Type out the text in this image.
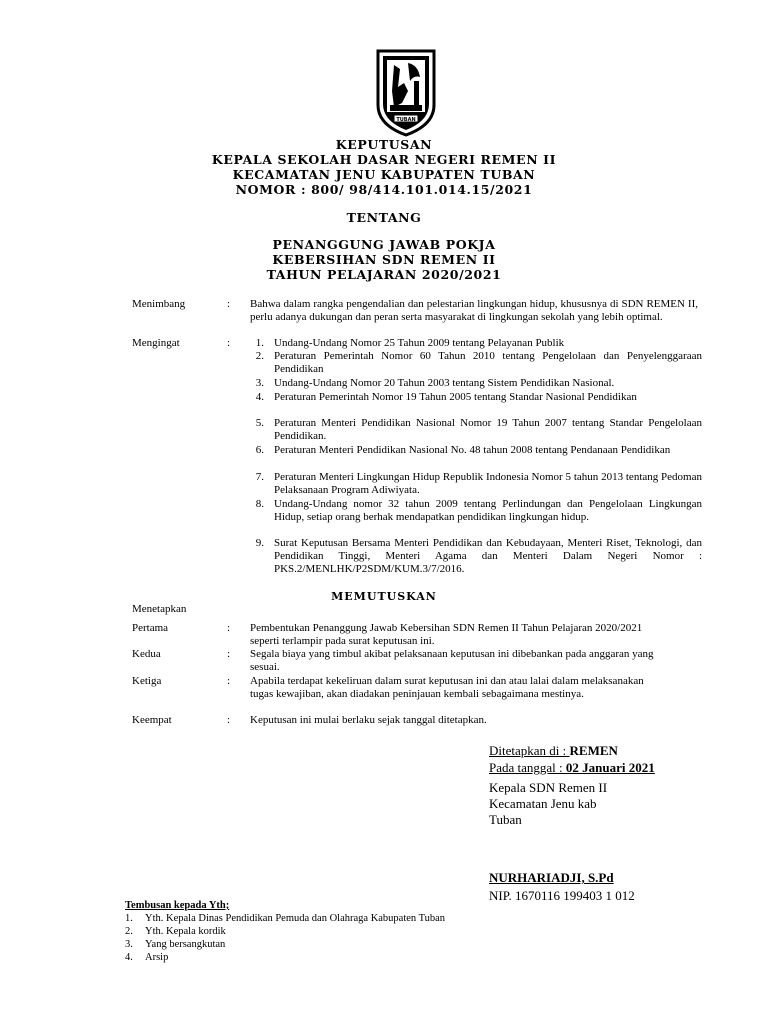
TUBAN
KEPUTUSAN
KEPALA SEKOLAH DASAR NEGERI REMEN II
KECAMATAN JENU KABUPATEN TUBAN
NOMOR : 800/ 98/414.101.014.15/2021
TENTANG
PENANGGUNG JAWAB POKJA
KEBERSIHAN SDN REMEN II
TAHUN PELAJARAN 2020/2021
Menimbang	: Bahwa dalam rangka pengendalian dan pelestarian lingkungan hidup, khususnya di SDN REMEN II, perlu adanya dukungan dan peran serta masyarakat di lingkungan sekolah yang lebih optimal.
Mengingat	:	1. Undang-Undang Nomor 25 Tahun 2009 tentang Pelayanan Publik
2. Peraturan Pemerintah Nomor 60 Tahun 2010 tentang Pengelolaan dan Penyelenggaraan Pendidikan
3. Undang-Undang Nomor 20 Tahun 2003 tentang Sistem Pendidikan Nasional.
4. Peraturan Pemerintah Nomor 19 Tahun 2005 tentang Standar Nasional Pendidikan
5. Peraturan Menteri Pendidikan Nasional Nomor 19 Tahun 2007 tentang Standar Pengelolaan Pendidikan.
6. Peraturan Menteri Pendidikan Nasional No. 48 tahun 2008 tentang Pendanaan Pendidikan
7. Peraturan Menteri Lingkungan Hidup Republik Indonesia Nomor 5 tahun 2013 tentang Pedoman Pelaksanaan Program Adiwiyata.
8. Undang-Undang nomor 32 tahun 2009 tentang Perlindungan dan Pengelolaan Lingkungan Hidup, setiap orang berhak mendapatkan pendidikan lingkungan hidup.
9. Surat Keputusan Bersama Menteri Pendidikan dan Kebudayaan, Menteri Riset, Teknologi, dan Pendidikan Tinggi, Menteri Agama dan Menteri Dalam Negeri Nomor : PKS.2/MENLHK/P2SDM/KUM.3/7/2016.
MEMUTUSKAN
Menetapkan
Pertama	: Pembentukan Penanggung Jawab Kebersihan SDN Remen II Tahun Pelajaran 2020/2021 seperti terlampir pada surat keputusan ini.
Kedua	: Segala biaya yang timbul akibat pelaksanaan keputusan ini dibebankan pada anggaran yang sesuai.
Ketiga	: Apabila terdapat kekeliruan dalam surat keputusan ini dan atau lalai dalam melaksanakan tugas kewajiban, akan diadakan peninjauan kembali sebagaimana mestinya.
Keempat	: Keputusan ini mulai berlaku sejak tanggal ditetapkan.
Ditetapkan di : REMEN
Pada tanggal : 02 Januari 2021
Kepala SDN Remen II
Kecamatan Jenu kab
Tuban
NURHARIADJI, S.Pd
NIP. 1670116 199403 1 012
Tembusan kepada Yth;
1. Yth. Kepala Dinas Pendidikan Pemuda dan Olahraga Kabupaten Tuban
2. Yth. Kepala kordik
3. Yang bersangkutan
4. Arsip
